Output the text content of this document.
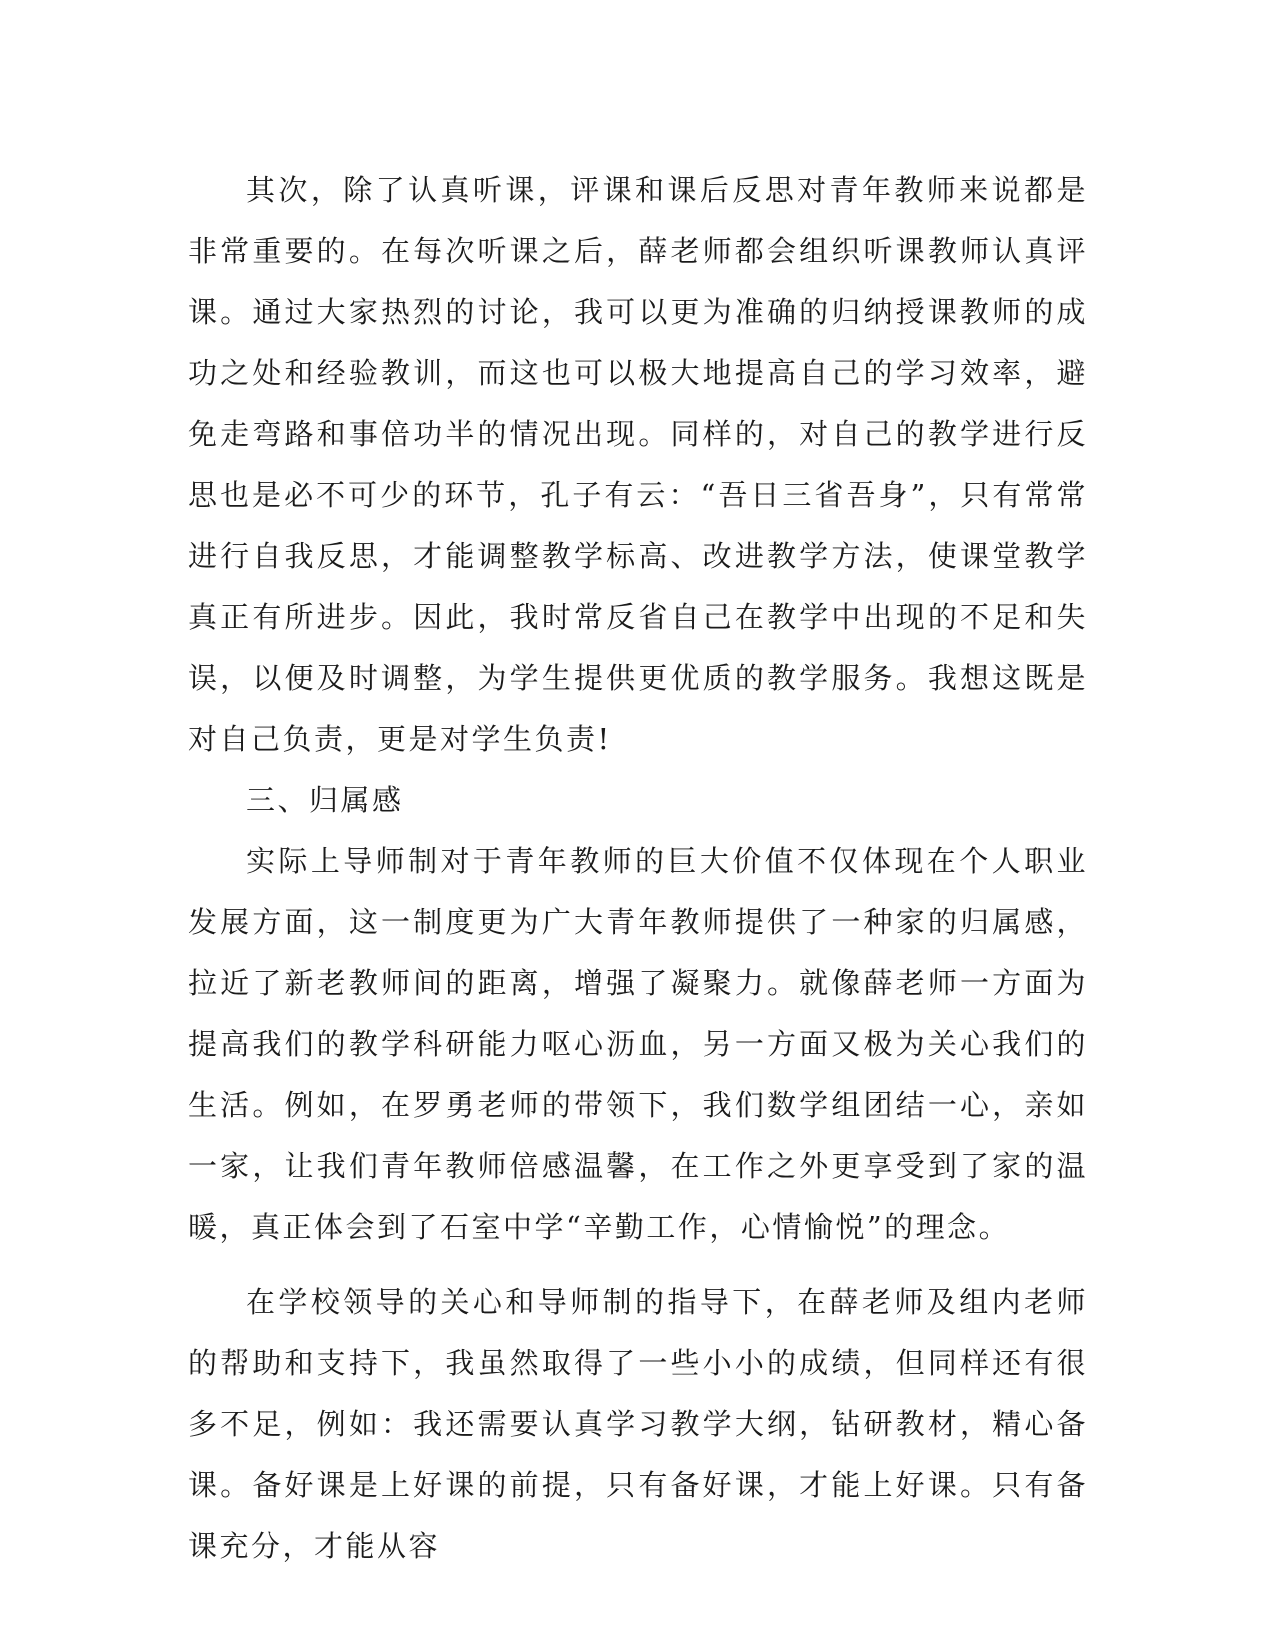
其次，除了认真听课，评课和课后反思对青年教师来说都是非常重要的。在每次听课之后，薛老师都会组织听课教师认真评课。通过大家热烈的讨论，我可以更为准确的归纳授课教师的成功之处和经验教训，而这也可以极大地提高自己的学习效率，避免走弯路和事倍功半的情况出现。同样的，对自己的教学进行反思也是必不可少的环节，孔子有云：“吾日三省吾身”，只有常常进行自我反思，才能调整教学标高、改进教学方法，使课堂教学真正有所进步。因此，我时常反省自己在教学中出现的不足和失误，以便及时调整，为学生提供更优质的教学服务。我想这既是对自己负责，更是对学生负责!

三、归属感

实际上导师制对于青年教师的巨大价值不仅体现在个人职业发展方面，这一制度更为广大青年教师提供了一种家的归属感，拉近了新老教师间的距离，增强了凝聚力。就像薛老师一方面为提高我们的教学科研能力呕心沥血，另一方面又极为关心我们的生活。例如，在罗勇老师的带领下，我们数学组团结一心，亲如一家，让我们青年教师倍感温馨，在工作之外更享受到了家的温暖，真正体会到了石室中学“辛勤工作，心情愉悦”的理念。

在学校领导的关心和导师制的指导下，在薛老师及组内老师的帮助和支持下，我虽然取得了一些小小的成绩，但同样还有很多不足，例如：我还需要认真学习教学大纲，钻研教材，精心备课。备好课是上好课的前提，只有备好课，才能上好课。只有备课充分，才能从容
